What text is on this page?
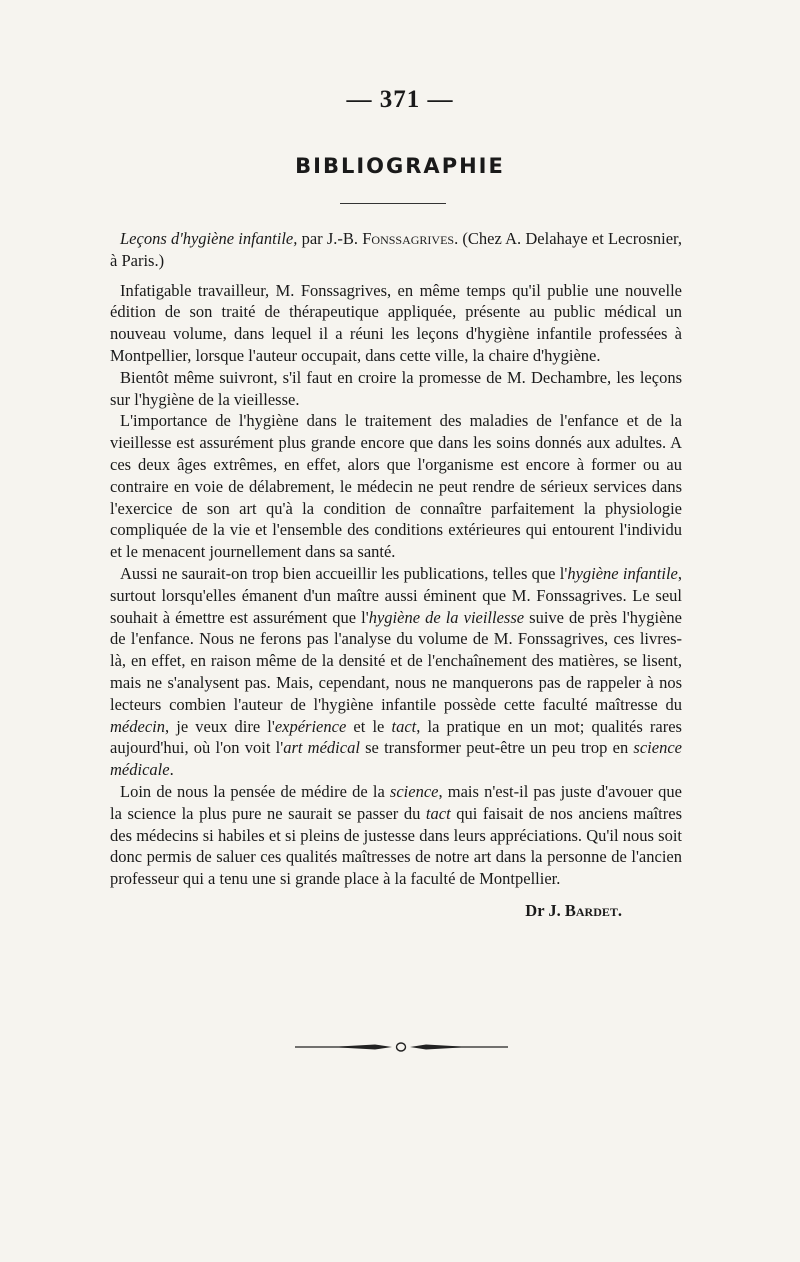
— 371 —
BIBLIOGRAPHIE

Leçons d'hygiène infantile, par J.-B. Fonssagrives. (Chez A. Delahaye et Lecrosnier, à Paris.)

Infatigable travailleur, M. Fonssagrives, en même temps qu'il publie une nouvelle édition de son traité de thérapeutique appliquée, présente au public médical un nouveau volume, dans lequel il a réuni les leçons d'hygiène infantile professées à Montpellier, lorsque l'auteur occupait, dans cette ville, la chaire d'hygiène.

Bientôt même suivront, s'il faut en croire la promesse de M. Dechambre, les leçons sur l'hygiène de la vieillesse.

L'importance de l'hygiène dans le traitement des maladies de l'enfance et de la vieillesse est assurément plus grande encore que dans les soins donnés aux adultes. A ces deux âges extrêmes, en effet, alors que l'organisme est encore à former ou au contraire en voie de délabrement, le médecin ne peut rendre de sérieux services dans l'exercice de son art qu'à la condition de connaître parfaitement la physiologie compliquée de la vie et l'ensemble des conditions extérieures qui entourent l'individu et le menacent journellement dans sa santé.

Aussi ne saurait-on trop bien accueillir les publications, telles que l'hygiène infantile, surtout lorsqu'elles émanent d'un maître aussi éminent que M. Fonssagrives. Le seul souhait à émettre est assurément que l'hygiène de la vieillesse suive de près l'hygiène de l'enfance. Nous ne ferons pas l'analyse du volume de M. Fonssagrives, ces livres-là, en effet, en raison même de la densité et de l'enchaînement des matières, se lisent, mais ne s'analysent pas. Mais, cependant, nous ne manquerons pas de rappeler à nos lecteurs combien l'auteur de l'hygiène infantile possède cette faculté maîtresse du médecin, je veux dire l'expérience et le tact, la pratique en un mot; qualités rares aujourd'hui, où l'on voit l'art médical se transformer peut-être un peu trop en science médicale.

Loin de nous la pensée de médire de la science, mais n'est-il pas juste d'avouer que la science la plus pure ne saurait se passer du tact qui faisait de nos anciens maîtres des médecins si habiles et si pleins de justesse dans leurs appréciations. Qu'il nous soit donc permis de saluer ces qualités maîtresses de notre art dans la personne de l'ancien professeur qui a tenu une si grande place à la faculté de Montpellier.

Dr J. Bardet.
